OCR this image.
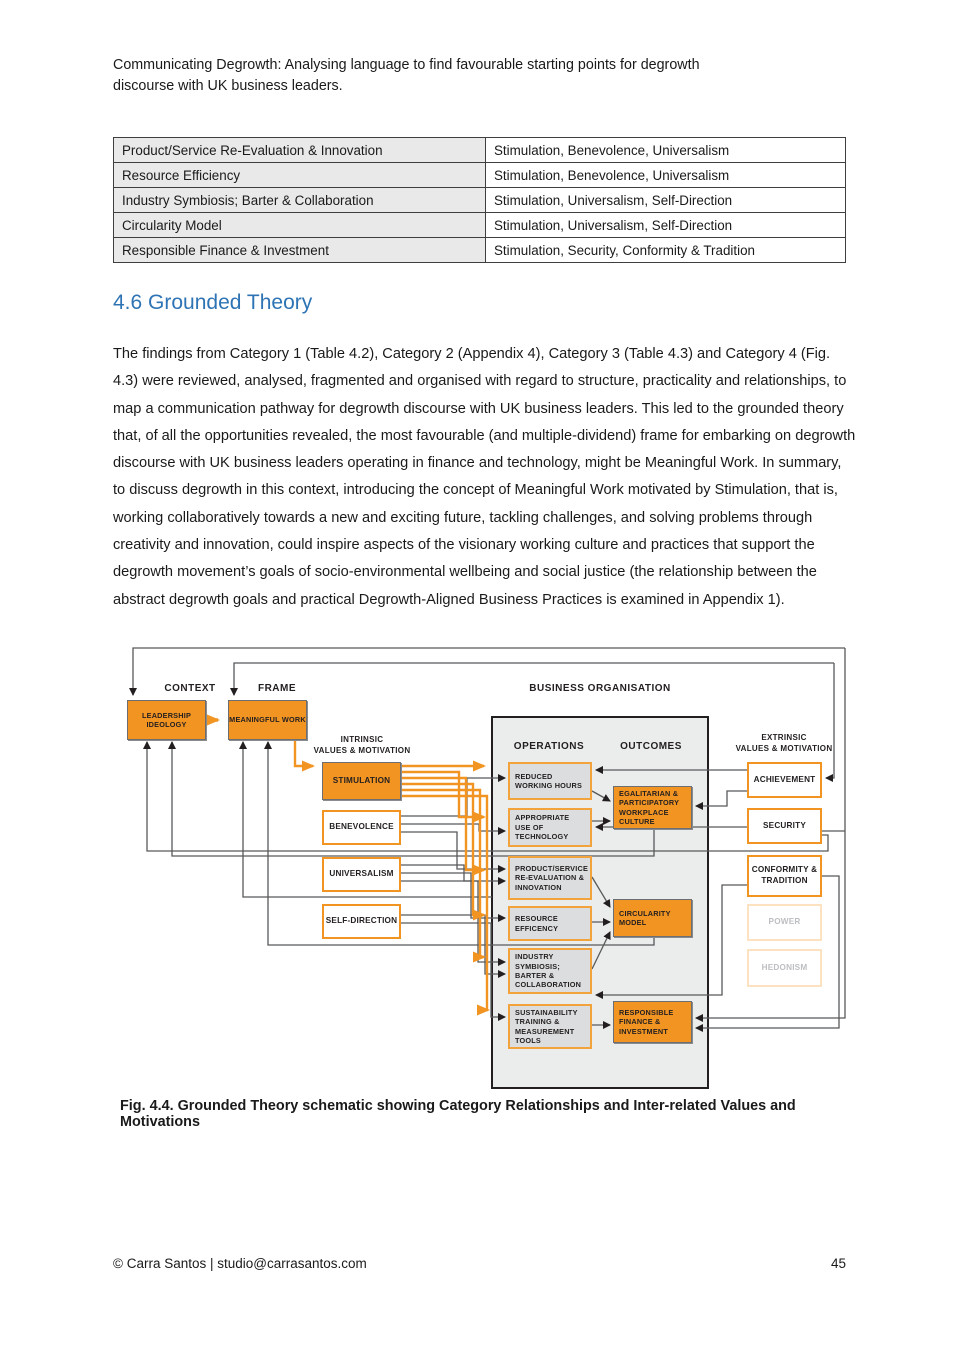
Communicating Degrowth: Analysing language to find favourable starting points for degrowth discourse with UK business leaders.
Product/Service Re-Evaluation & Innovation	Stimulation, Benevolence, Universalism
Resource Efficiency	Stimulation, Benevolence, Universalism
Industry Symbiosis; Barter & Collaboration	Stimulation, Universalism, Self-Direction
Circularity Model	Stimulation, Universalism, Self-Direction
Responsible Finance & Investment	Stimulation, Security, Conformity & Tradition
4.6 Grounded Theory
The findings from Category 1 (Table 4.2), Category 2 (Appendix 4), Category 3 (Table 4.3) and Category 4 (Fig. 4.3) were reviewed, analysed, fragmented and organised with regard to structure, practicality and relationships, to map a communication pathway for degrowth discourse with UK business leaders. This led to the grounded theory that, of all the opportunities revealed, the most favourable (and multiple-dividend) frame for embarking on degrowth discourse with UK business leaders operating in finance and technology, might be Meaningful Work. In summary, to discuss degrowth in this context, introducing the concept of Meaningful Work motivated by Stimulation, that is, working collaboratively towards a new and exciting future, tackling challenges, and solving problems through creativity and innovation, could inspire aspects of the visionary working culture and practices that support the degrowth movement’s goals of socio-environmental wellbeing and social justice (the relationship between the abstract degrowth goals and practical Degrowth-Aligned Business Practices is examined in Appendix 1).
CONTEXT	FRAME	BUSINESS ORGANISATION
INTRINSIC
VALUES & MOTIVATION
EXTRINSIC
VALUES & MOTIVATION
OPERATIONS	OUTCOMES
LEADERSHIP IDEOLOGY
MEANINGFUL WORK
STIMULATION
BENEVOLENCE
UNIVERSALISM
SELF-DIRECTION
REDUCED WORKING HOURS
APPROPRIATE USE OF TECHNOLOGY
PRODUCT/SERVICE RE-EVALUATION & INNOVATION
RESOURCE EFFICENCY
INDUSTRY SYMBIOSIS; BARTER & COLLABORATION
SUSTAINABILITY TRAINING & MEASUREMENT TOOLS
EGALITARIAN & PARTICIPATORY WORKPLACE CULTURE
CIRCULARITY MODEL
RESPONSIBLE FINANCE & INVESTMENT
ACHIEVEMENT
SECURITY
CONFORMITY & TRADITION
POWER
HEDONISM
Fig. 4.4. Grounded Theory schematic showing Category Relationships and Inter-related Values and Motivations
© Carra Santos | studio@carrasantos.com	45
